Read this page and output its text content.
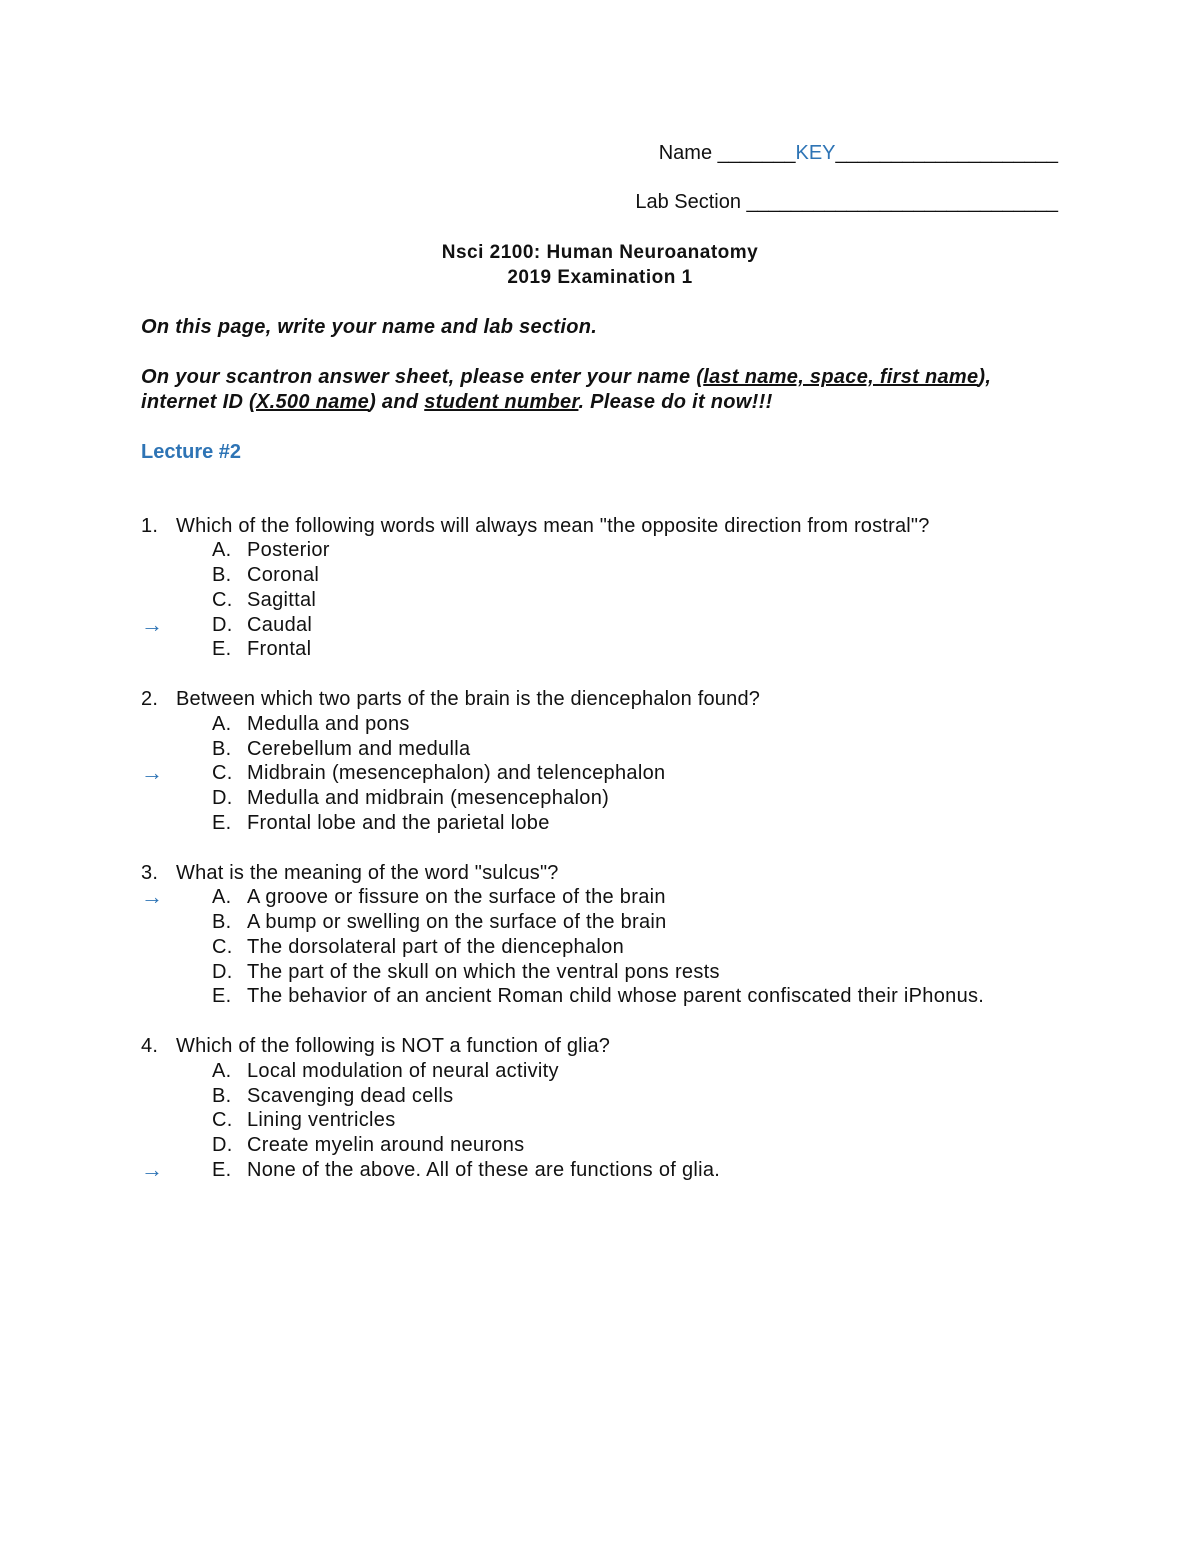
Name _______KEY____________________
Lab Section ____________________________
Nsci 2100: Human Neuroanatomy
2019 Examination 1
On this page, write your name and lab section.
On your scantron answer sheet, please enter your name (last name, space, first name),
internet ID (X.500 name) and student number. Please do it now!!!
Lecture #2
1. Which of the following words will always mean "the opposite direction from rostral"?
A. Posterior
B. Coronal
C. Sagittal
→ D. Caudal
E. Frontal
2. Between which two parts of the brain is the diencephalon found?
A. Medulla and pons
B. Cerebellum and medulla
→ C. Midbrain (mesencephalon) and telencephalon
D. Medulla and midbrain (mesencephalon)
E. Frontal lobe and the parietal lobe
3. What is the meaning of the word "sulcus"?
→ A. A groove or fissure on the surface of the brain
B. A bump or swelling on the surface of the brain
C. The dorsolateral part of the diencephalon
D. The part of the skull on which the ventral pons rests
E. The behavior of an ancient Roman child whose parent confiscated their iPhonus.
4. Which of the following is NOT a function of glia?
A. Local modulation of neural activity
B. Scavenging dead cells
C. Lining ventricles
D. Create myelin around neurons
→ E. None of the above. All of these are functions of glia.
